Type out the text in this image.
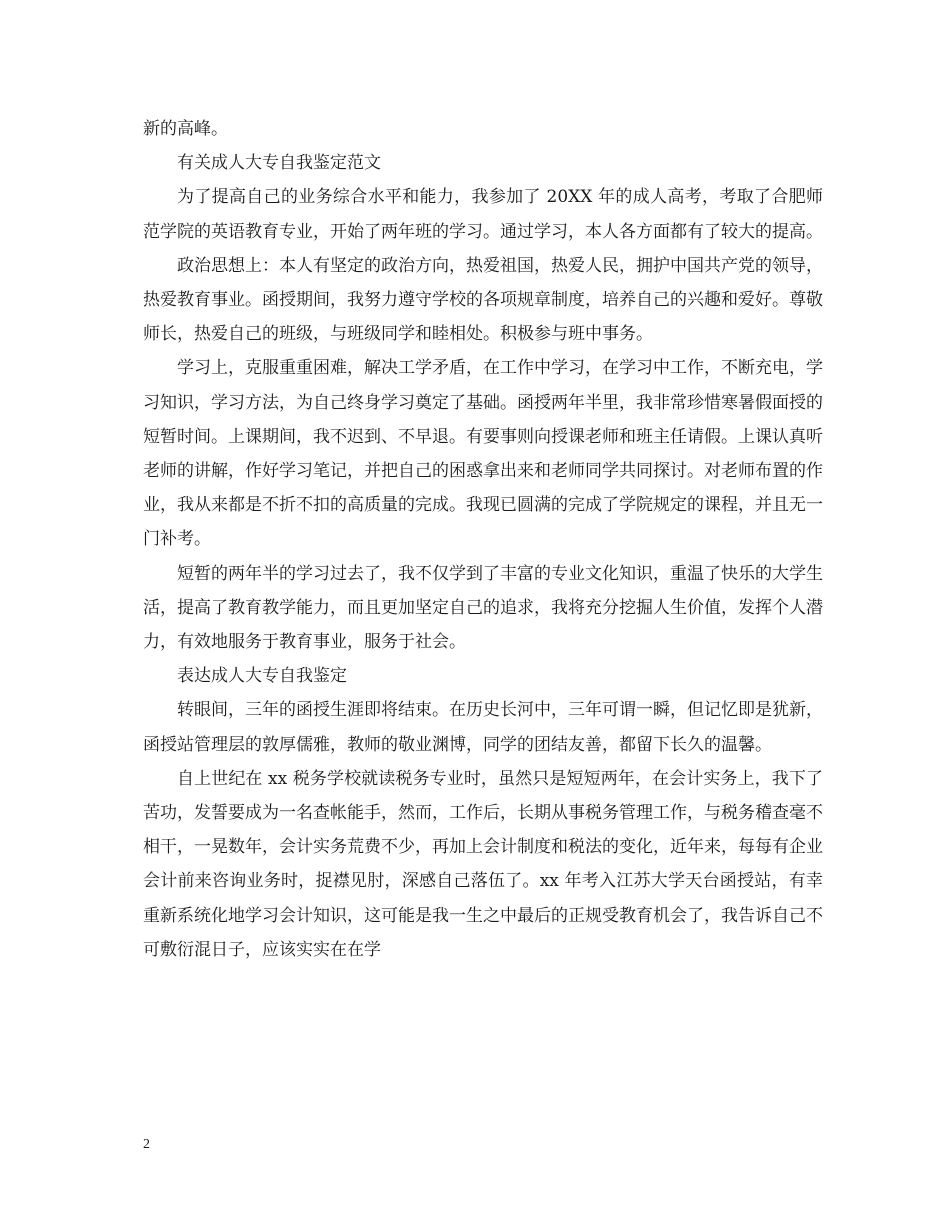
新的高峰。

有关成人大专自我鉴定范文

为了提高自己的业务综合水平和能力，我参加了 20XX 年的成人高考，考取了合肥师范学院的英语教育专业，开始了两年班的学习。通过学习，本人各方面都有了较大的提高。

政治思想上：本人有坚定的政治方向，热爱祖国，热爱人民，拥护中国共产党的领导，热爱教育事业。函授期间，我努力遵守学校的各项规章制度，培养自己的兴趣和爱好。尊敬师长，热爱自己的班级，与班级同学和睦相处。积极参与班中事务。

学习上，克服重重困难，解决工学矛盾，在工作中学习，在学习中工作，不断充电，学习知识，学习方法，为自己终身学习奠定了基础。函授两年半里，我非常珍惜寒暑假面授的短暂时间。上课期间，我不迟到、不早退。有要事则向授课老师和班主任请假。上课认真听老师的讲解，作好学习笔记，并把自己的困惑拿出来和老师同学共同探讨。对老师布置的作业，我从来都是不折不扣的高质量的完成。我现已圆满的完成了学院规定的课程，并且无一门补考。

短暂的两年半的学习过去了，我不仅学到了丰富的专业文化知识，重温了快乐的大学生活，提高了教育教学能力，而且更加坚定自己的追求，我将充分挖掘人生价值，发挥个人潜力，有效地服务于教育事业，服务于社会。

表达成人大专自我鉴定

转眼间，三年的函授生涯即将结束。在历史长河中，三年可谓一瞬，但记忆即是犹新，函授站管理层的敦厚儒雅，教师的敬业渊博，同学的团结友善，都留下长久的温馨。

自上世纪在 xx 税务学校就读税务专业时，虽然只是短短两年，在会计实务上，我下了苦功，发誓要成为一名查帐能手，然而，工作后，长期从事税务管理工作，与税务稽查毫不相干，一晃数年，会计实务荒费不少，再加上会计制度和税法的变化，近年来，每每有企业会计前来咨询业务时，捉襟见肘，深感自己落伍了。xx 年考入江苏大学天台函授站，有幸重新系统化地学习会计知识，这可能是我一生之中最后的正规受教育机会了，我告诉自己不可敷衍混日子，应该实实在在学

2
